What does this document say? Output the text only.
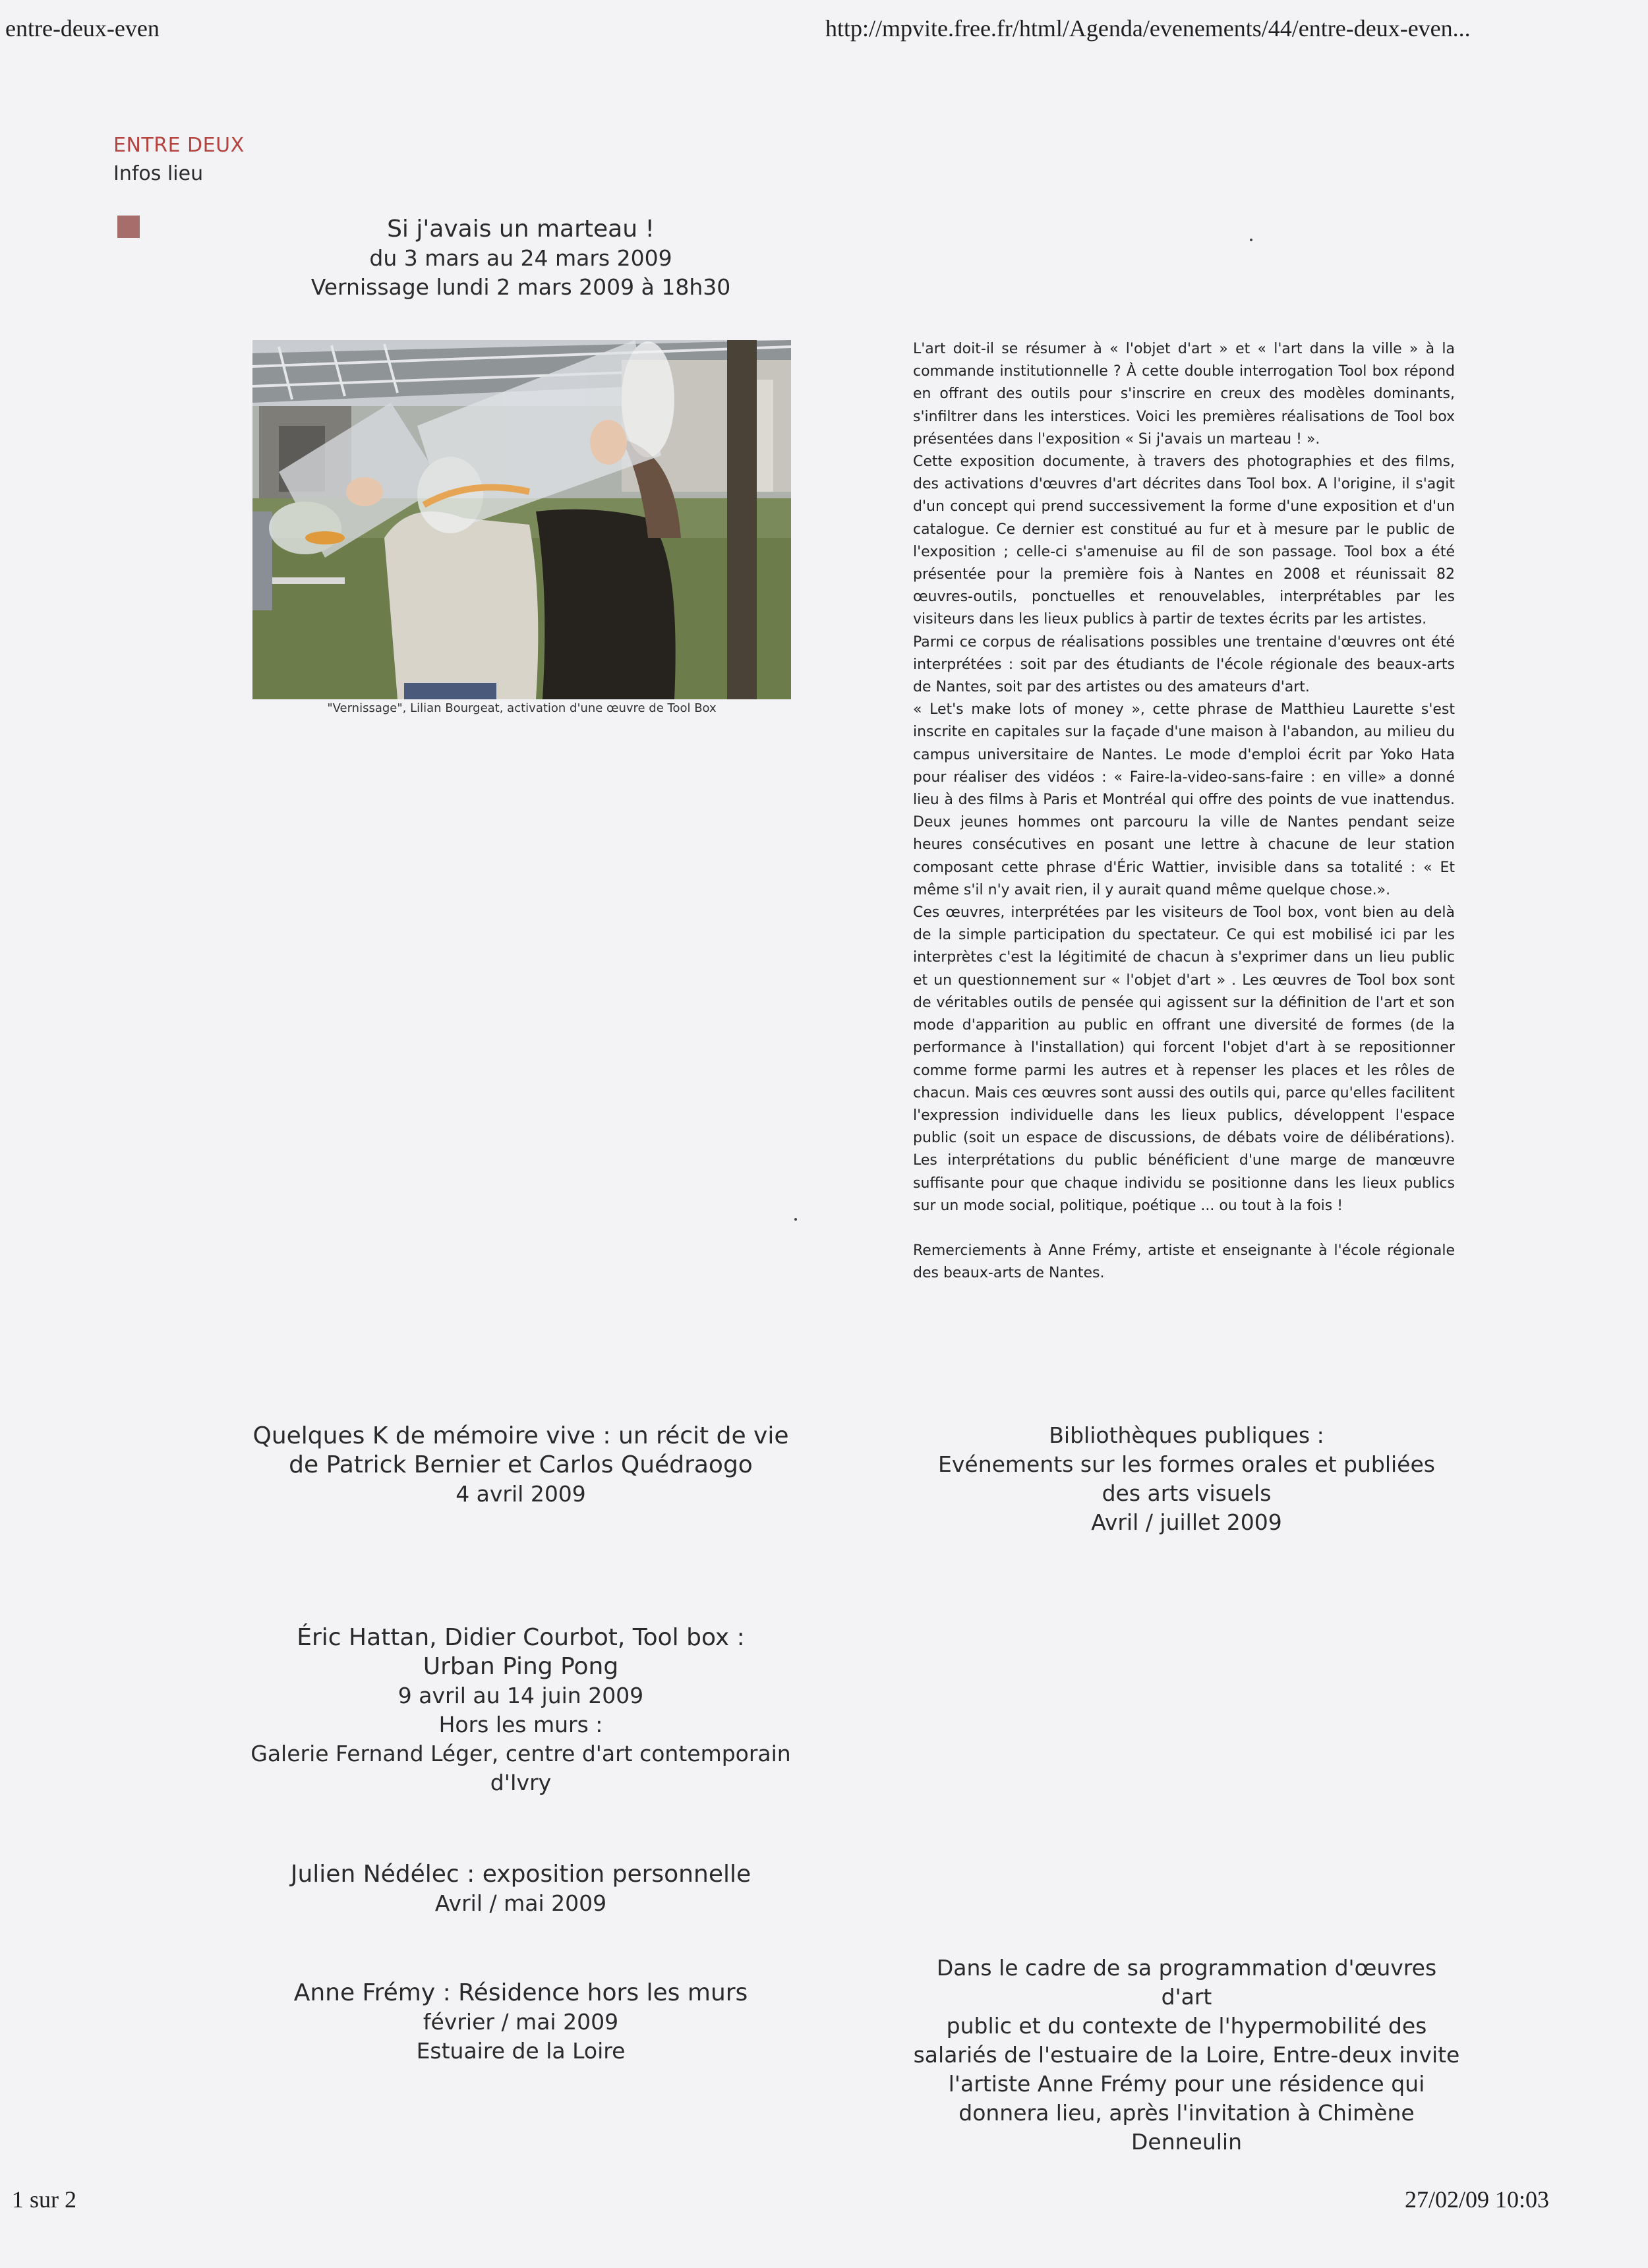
entre-deux-even	http://mpvite.free.fr/html/Agenda/evenements/44/entre-deux-even...
ENTRE DEUX
Infos lieu
Si j'avais un marteau !
du 3 mars au 24 mars 2009
Vernissage lundi 2 mars 2009 à 18h30
"Vernissage", Lilian Bourgeat, activation d'une œuvre de Tool Box

L'art doit-il se résumer à « l'objet d'art » et « l'art dans la ville » à la commande institutionnelle ? À cette double interrogation Tool box répond en offrant des outils pour s'inscrire en creux des modèles dominants, s'infiltrer dans les interstices. Voici les premières réalisations de Tool box présentées dans l'exposition « Si j'avais un marteau ! ».

Cette exposition documente, à travers des photographies et des films, des activations d'œuvres d'art décrites dans Tool box. A l'origine, il s'agit d'un concept qui prend successivement la forme d'une exposition et d'un catalogue. Ce dernier est constitué au fur et à mesure par le public de l'exposition ; celle-ci s'amenuise au fil de son passage. Tool box a été présentée pour la première fois à Nantes en 2008 et réunissait 82 œuvres-outils, ponctuelles et renouvelables, interprétables par les visiteurs dans les lieux publics à partir de textes écrits par les artistes.

Parmi ce corpus de réalisations possibles une trentaine d'œuvres ont été interprétées : soit par des étudiants de l'école régionale des beaux-arts de Nantes, soit par des artistes ou des amateurs d'art.

« Let's make lots of money », cette phrase de Matthieu Laurette s'est inscrite en capitales sur la façade d'une maison à l'abandon, au milieu du campus universitaire de Nantes. Le mode d'emploi écrit par Yoko Hata pour réaliser des vidéos : « Faire-la-video-sans-faire : en ville» a donné lieu à des films à Paris et Montréal qui offre des points de vue inattendus. Deux jeunes hommes ont parcouru la ville de Nantes pendant seize heures consécutives en posant une lettre à chacune de leur station composant cette phrase d'Éric Wattier, invisible dans sa totalité : « Et même s'il n'y avait rien, il y aurait quand même quelque chose.».

Ces œuvres, interprétées par les visiteurs de Tool box, vont bien au delà de la simple participation du spectateur. Ce qui est mobilisé ici par les interprètes c'est la légitimité de chacun à s'exprimer dans un lieu public et un questionnement sur « l'objet d'art » . Les œuvres de Tool box sont de véritables outils de pensée qui agissent sur la définition de l'art et son mode d'apparition au public en offrant une diversité de formes (de la performance à l'installation) qui forcent l'objet d'art à se repositionner comme forme parmi les autres et à repenser les places et les rôles de chacun. Mais ces œuvres sont aussi des outils qui, parce qu'elles facilitent l'expression individuelle dans les lieux publics, développent l'espace public (soit un espace de discussions, de débats voire de délibérations). Les interprétations du public bénéficient d'une marge de manœuvre suffisante pour que chaque individu se positionne dans les lieux publics sur un mode social, politique, poétique ... ou tout à la fois !

Remerciements à Anne Frémy, artiste et enseignante à l'école régionale des beaux-arts de Nantes.

Quelques K de mémoire vive : un récit de vie
de Patrick Bernier et Carlos Quédraogo
4 avril 2009
Éric Hattan, Didier Courbot, Tool box :
Urban Ping Pong
9 avril au 14 juin 2009
Hors les murs :
Galerie Fernand Léger, centre d'art contemporain
d'Ivry
Julien Nédélec : exposition personnelle
Avril / mai 2009
Anne Frémy : Résidence hors les murs
février / mai 2009
Estuaire de la Loire
Bibliothèques publiques :
Evénements sur les formes orales et publiées
des arts visuels
Avril / juillet 2009
Dans le cadre de sa programmation d'œuvres d'art
public et du contexte de l'hypermobilité des
salariés de l'estuaire de la Loire, Entre-deux invite
l'artiste Anne Frémy pour une résidence qui
donnera lieu, après l'invitation à Chimène Denneulin
1 sur 2	27/02/09 10:03
